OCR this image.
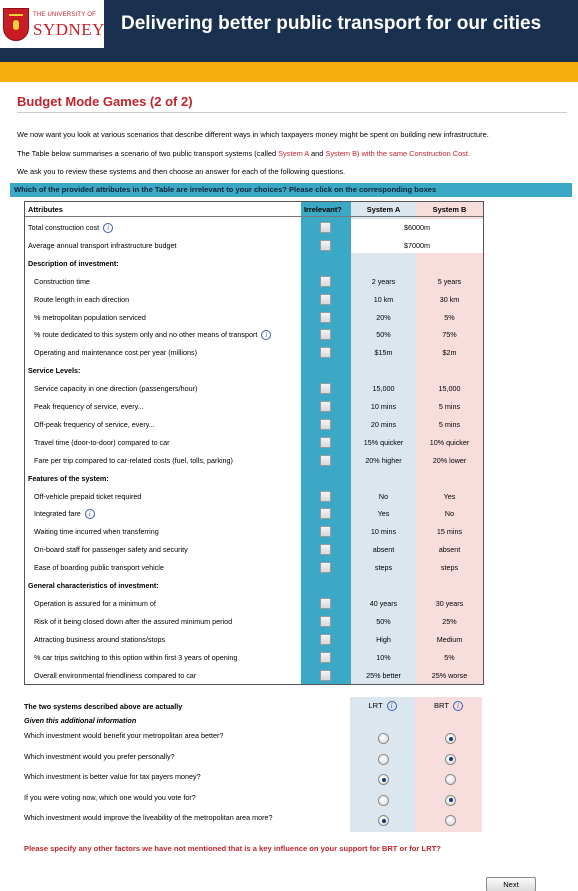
THE UNIVERSITY OF
SYDNEY Delivering better public transport for our cities
Budget Mode Games (2 of 2)
We now want you look at various scenarios that describe different ways in which taxpayers money might be spent on building new infrastructure.
The Table below summarises a scenario of two public transport systems (called System A and System B) with the same Construction Cost.
We ask you to review these systems and then choose an answer for each of the following questions.
Which of the provided attributes in the Table are irrelevant to your choices? Please click on the corresponding boxes
Attributes	Irrelevant?	System A	System B
Total construction cost i	$6000m
Average annual transport infrastructure budget	$7000m
Description of investment:
Construction time	2 years	5 years
Route length in each direction	10 km	30 km
% metropolitan population serviced	20%	5%
% route dedicated to this system only and no other means of transport i	50%	75%
Operating and maintenance cost per year (millions)	$15m	$2m
Service Levels:
Service capacity in one direction (passengers/hour)	15,000	15,000
Peak frequency of service, every...	10 mins	5 mins
Off-peak frequency of service, every...	20 mins	5 mins
Travel time (door-to-door) compared to car	15% quicker	10% quicker
Fare per trip compared to car-related costs (fuel, tolls, parking)	20% higher	20% lower
Features of the system:
Off-vehicle prepaid ticket required	No	Yes
Integrated fare i	Yes	No
Waiting time incurred when transferring	10 mins	15 mins
On-board staff for passenger safety and security	absent	absent
Ease of boarding public transport vehicle	steps	steps
General characteristics of investment:
Operation is assured for a minimum of	40 years	30 years
Risk of it being closed down after the assured minimum period	50%	25%
Attracting business around stations/stops	High	Medium
% car trips switching to this option within first 3 years of opening	10%	5%
Overall environmental friendliness compared to car	25% better	25% worse
The two systems described above are actually	LRT i	BRT i
Given this additional information
Which investment would benefit your metropolitan area better?
Which investment would you prefer personally?
Which investment is better value for tax payers money?
If you were voting now, which one would you vote for?
Which investment would improve the liveability of the metropolitan area more?
Please specify any other factors we have not mentioned that is a key influence on your support for BRT or for LRT?
Next
